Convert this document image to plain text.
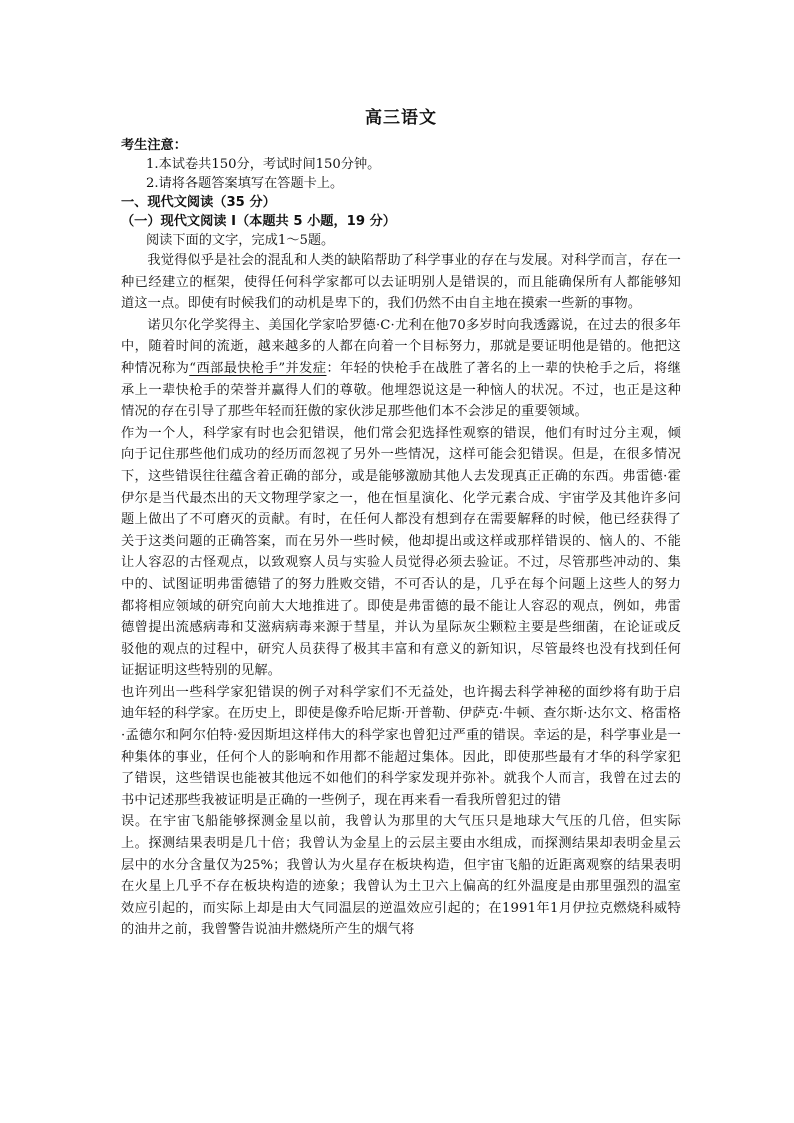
高三语文
考生注意：
1.本试卷共150分，考试时间150分钟。
2.请将各题答案填写在答题卡上。
一、现代文阅读（35 分）
（一）现代文阅读 I（本题共 5 小题，19 分）
阅读下面的文字，完成1～5题。

我觉得似乎是社会的混乱和人类的缺陷帮助了科学事业的存在与发展。对科学而言，存在一种已经建立的框架，使得任何科学家都可以去证明别人是错误的，而且能确保所有人都能够知道这一点。即使有时候我们的动机是卑下的，我们仍然不由自主地在摸索一些新的事物。

诺贝尔化学奖得主、美国化学家哈罗德·C·尤利在他70多岁时向我透露说，在过去的很多年中，随着时间的流逝，越来越多的人都在向着一个目标努力，那就是要证明他是错的。他把这种情况称为“西部最快枪手”并发症：年轻的快枪手在战胜了著名的上一辈的快枪手之后，将继承上一辈快枪手的荣誉并赢得人们的尊敬。他埋怨说这是一种恼人的状况。不过，也正是这种情况的存在引导了那些年轻而狂傲的家伙涉足那些他们本不会涉足的重要领域。

作为一个人，科学家有时也会犯错误，他们常会犯选择性观察的错误，他们有时过分主观，倾向于记住那些他们成功的经历而忽视了另外一些情况，这样可能会犯错误。但是，在很多情况下，这些错误往往蕴含着正确的部分，或是能够激励其他人去发现真正正确的东西。弗雷德·霍伊尔是当代最杰出的天文物理学家之一，他在恒星演化、化学元素合成、宇宙学及其他许多问题上做出了不可磨灭的贡献。有时，在任何人都没有想到存在需要解释的时候，他已经获得了关于这类问题的正确答案，而在另外一些时候，他却提出或这样或那样错误的、恼人的、不能让人容忍的古怪观点，以致观察人员与实验人员觉得必须去验证。不过，尽管那些冲动的、集中的、试图证明弗雷德错了的努力胜败交错，不可否认的是，几乎在每个问题上这些人的努力都将相应领域的研究向前大大地推进了。即使是弗雷德的最不能让人容忍的观点，例如，弗雷德曾提出流感病毒和艾滋病病毒来源于彗星，并认为星际灰尘颗粒主要是些细菌，在论证或反驳他的观点的过程中，研究人员获得了极其丰富和有意义的新知识，尽管最终也没有找到任何证据证明这些特别的见解。

也许列出一些科学家犯错误的例子对科学家们不无益处，也许揭去科学神秘的面纱将有助于启迪年轻的科学家。在历史上，即使是像乔哈尼斯·开普勒、伊萨克·牛顿、查尔斯·达尔文、格雷格·孟德尔和阿尔伯特·爱因斯坦这样伟大的科学家也曾犯过严重的错误。幸运的是，科学事业是一种集体的事业，任何个人的影响和作用都不能超过集体。因此，即使那些最有才华的科学家犯了错误，这些错误也能被其他远不如他们的科学家发现并弥补。就我个人而言，我曾在过去的书中记述那些我被证明是正确的一些例子，现在再来看一看我所曾犯过的错

误。在宇宙飞船能够探测金星以前，我曾认为那里的大气压只是地球大气压的几倍，但实际上。探测结果表明是几十倍；我曾认为金星上的云层主要由水组成，而探测结果却表明金星云层中的水分含量仅为25%；我曾认为火星存在板块构造，但宇宙飞船的近距离观察的结果表明在火星上几乎不存在板块构造的迹象；我曾认为土卫六上偏高的红外温度是由那里强烈的温室效应引起的，而实际上却是由大气同温层的逆温效应引起的；在1991年1月伊拉克燃烧科威特的油井之前，我曾警告说油井燃烧所产生的烟气将
